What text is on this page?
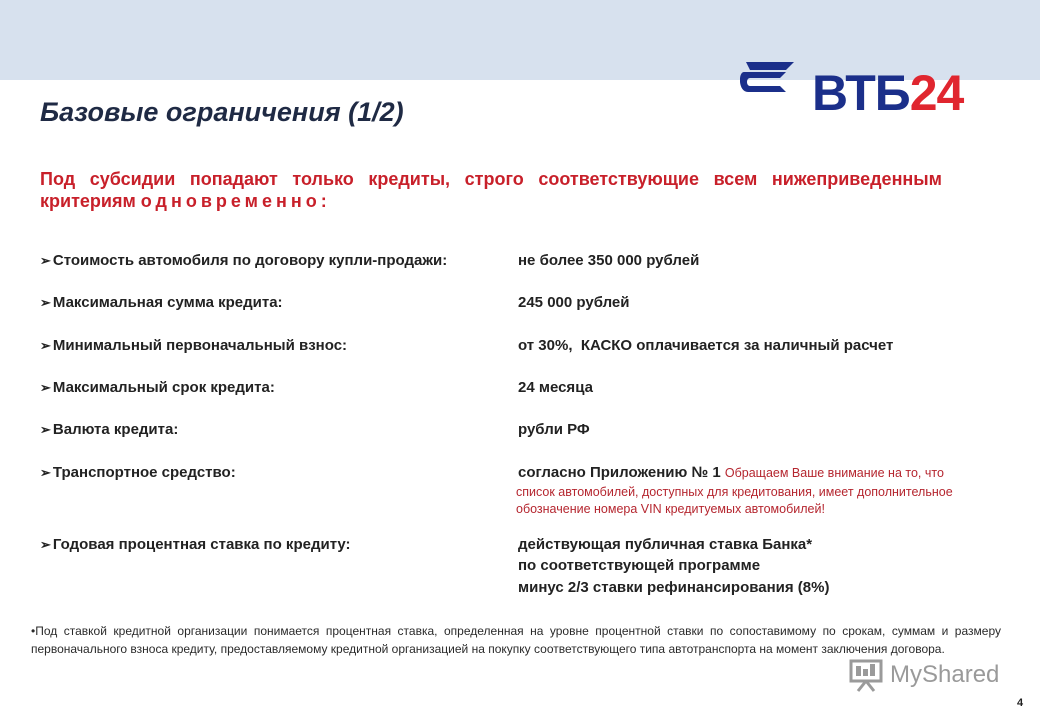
ВТБ24
Базовые ограничения (1/2)
Под субсидии попадают только кредиты, строго соответствующие всем нижеприведенным
критериям одновременно:
➢ Стоимость автомобиля по договору купли-продажи:	не более 350 000 рублей
➢ Максимальная сумма кредита:	245 000 рублей
➢ Минимальный первоначальный взнос:	от 30%,  КАСКО оплачивается за наличный расчет
➢ Максимальный срок кредита:	24 месяца
➢ Валюта кредита:	рубли РФ
➢ Транспортное средство:	согласно Приложению № 1 Обращаем Ваше внимание на то, что
список автомобилей, доступных для кредитования, имеет дополнительное
обозначение номера VIN кредитуемых автомобилей!
➢ Годовая процентная ставка по кредиту:	действующая публичная ставка Банка*
по соответствующей программе
минус 2/3 ставки рефинансирования (8%)
•Под ставкой кредитной организации понимается процентная ставка, определенная на уровне процентной ставки по сопоставимому по срокам, суммам и размеру первоначального взноса кредиту, предоставляемому кредитной организацией на покупку соответствующего типа автотранспорта на момент заключения договора.
MyShared
4
